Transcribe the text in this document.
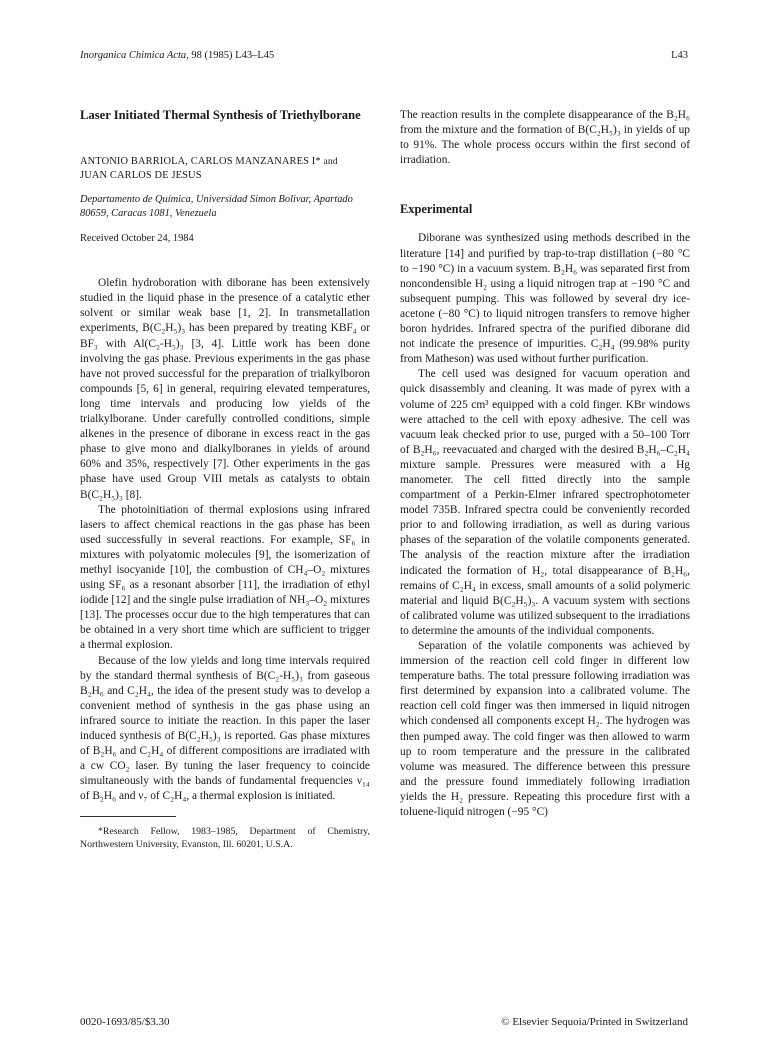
Inorganica Chimica Acta, 98 (1985) L43–L45	L43
Laser Initiated Thermal Synthesis of Triethylborane
ANTONIO BARRIOLA, CARLOS MANZANARES I* and
JUAN CARLOS DE JESUS
Departamento de Química, Universidad Simon Bolivar, Apartado 80659, Caracas 1081, Venezuela
Received October 24, 1984

Olefin hydroboration with diborane has been extensively studied in the liquid phase in the presence of a catalytic ether solvent or similar weak base [1, 2]. In transmetallation experiments, B(C₂H₅)₃ has been prepared by treating KBF₄ or BF₃ with Al(C₂-H₅)₃ [3, 4]. Little work has been done involving the gas phase. Previous experiments in the gas phase have not proved successful for the preparation of trialkylboron compounds [5, 6] in general, requiring elevated temperatures, long time intervals and producing low yields of the trialkylborane. Under carefully controlled conditions, simple alkenes in the presence of diborane in excess react in the gas phase to give mono and dialkylboranes in yields of around 60% and 35%, respectively [7]. Other experiments in the gas phase have used Group VIII metals as catalysts to obtain B(C₂H₅)₃ [8].

The photoinitiation of thermal explosions using infrared lasers to affect chemical reactions in the gas phase has been used successfully in several reactions. For example, SF₆ in mixtures with polyatomic molecules [9], the isomerization of methyl isocyanide [10], the combustion of CH₄–O₂ mixtures using SF₆ as a resonant absorber [11], the irradiation of ethyl iodide [12] and the single pulse irradiation of NH₃–O₂ mixtures [13]. The processes occur due to the high temperatures that can be obtained in a very short time which are sufficient to trigger a thermal explosion.

Because of the low yields and long time intervals required by the standard thermal synthesis of B(C₂-H₅)₃ from gaseous B₂H₆ and C₂H₄, the idea of the present study was to develop a convenient method of synthesis in the gas phase using an infrared source to initiate the reaction. In this paper the laser induced synthesis of B(C₂H₅)₃ is reported. Gas phase mixtures of B₂H₆ and C₂H₄ of different compositions are irradiated with a cw CO₂ laser. By tuning the laser frequency to coincide simultaneously with the bands of fundamental frequencies ν₁₄ of B₂H₆ and ν₇ of C₂H₄, a thermal explosion is initiated.

*Research Fellow, 1983–1985, Department of Chemistry, Northwestern University, Evanston, Ill. 60201, U.S.A.

The reaction results in the complete disappearance of the B₂H₆ from the mixture and the formation of B(C₂H₅)₃ in yields of up to 91%. The whole process occurs within the first second of irradiation.

Experimental

Diborane was synthesized using methods described in the literature [14] and purified by trap-to-trap distillation (−80 °C to −190 °C) in a vacuum system. B₂H₆ was separated first from noncondensible H₂ using a liquid nitrogen trap at −190 °C and subsequent pumping. This was followed by several dry ice-acetone (−80 °C) to liquid nitrogen transfers to remove higher boron hydrides. Infrared spectra of the purified diborane did not indicate the presence of impurities. C₂H₄ (99.98% purity from Matheson) was used without further purification.

The cell used was designed for vacuum operation and quick disassembly and cleaning. It was made of pyrex with a volume of 225 cm³ equipped with a cold finger. KBr windows were attached to the cell with epoxy adhesive. The cell was vacuum leak checked prior to use, purged with a 50–100 Torr of B₂H₆, reevacuated and charged with the desired B₂H₆–C₂H₄ mixture sample. Pressures were measured with a Hg manometer. The cell fitted directly into the sample compartment of a Perkin-Elmer infrared spectrophotometer model 735B. Infrared spectra could be conveniently recorded prior to and following irradiation, as well as during various phases of the separation of the volatile components generated. The analysis of the reaction mixture after the irradiation indicated the formation of H₂, total disappearance of B₂H₆, remains of C₂H₄ in excess, small amounts of a solid polymeric material and liquid B(C₂H₅)₃. A vacuum system with sections of calibrated volume was utilized subsequent to the irradiations to determine the amounts of the individual components.

Separation of the volatile components was achieved by immersion of the reaction cell cold finger in different low temperature baths. The total pressure following irradiation was first determined by expansion into a calibrated volume. The reaction cell cold finger was then immersed in liquid nitrogen which condensed all components except H₂. The hydrogen was then pumped away. The cold finger was then allowed to warm up to room temperature and the pressure in the calibrated volume was measured. The difference between this pressure and the pressure found immediately following irradiation yields the H₂ pressure. Repeating this procedure first with a toluene-liquid nitrogen (−95 °C)

0020-1693/85/$3.30	© Elsevier Sequoia/Printed in Switzerland
